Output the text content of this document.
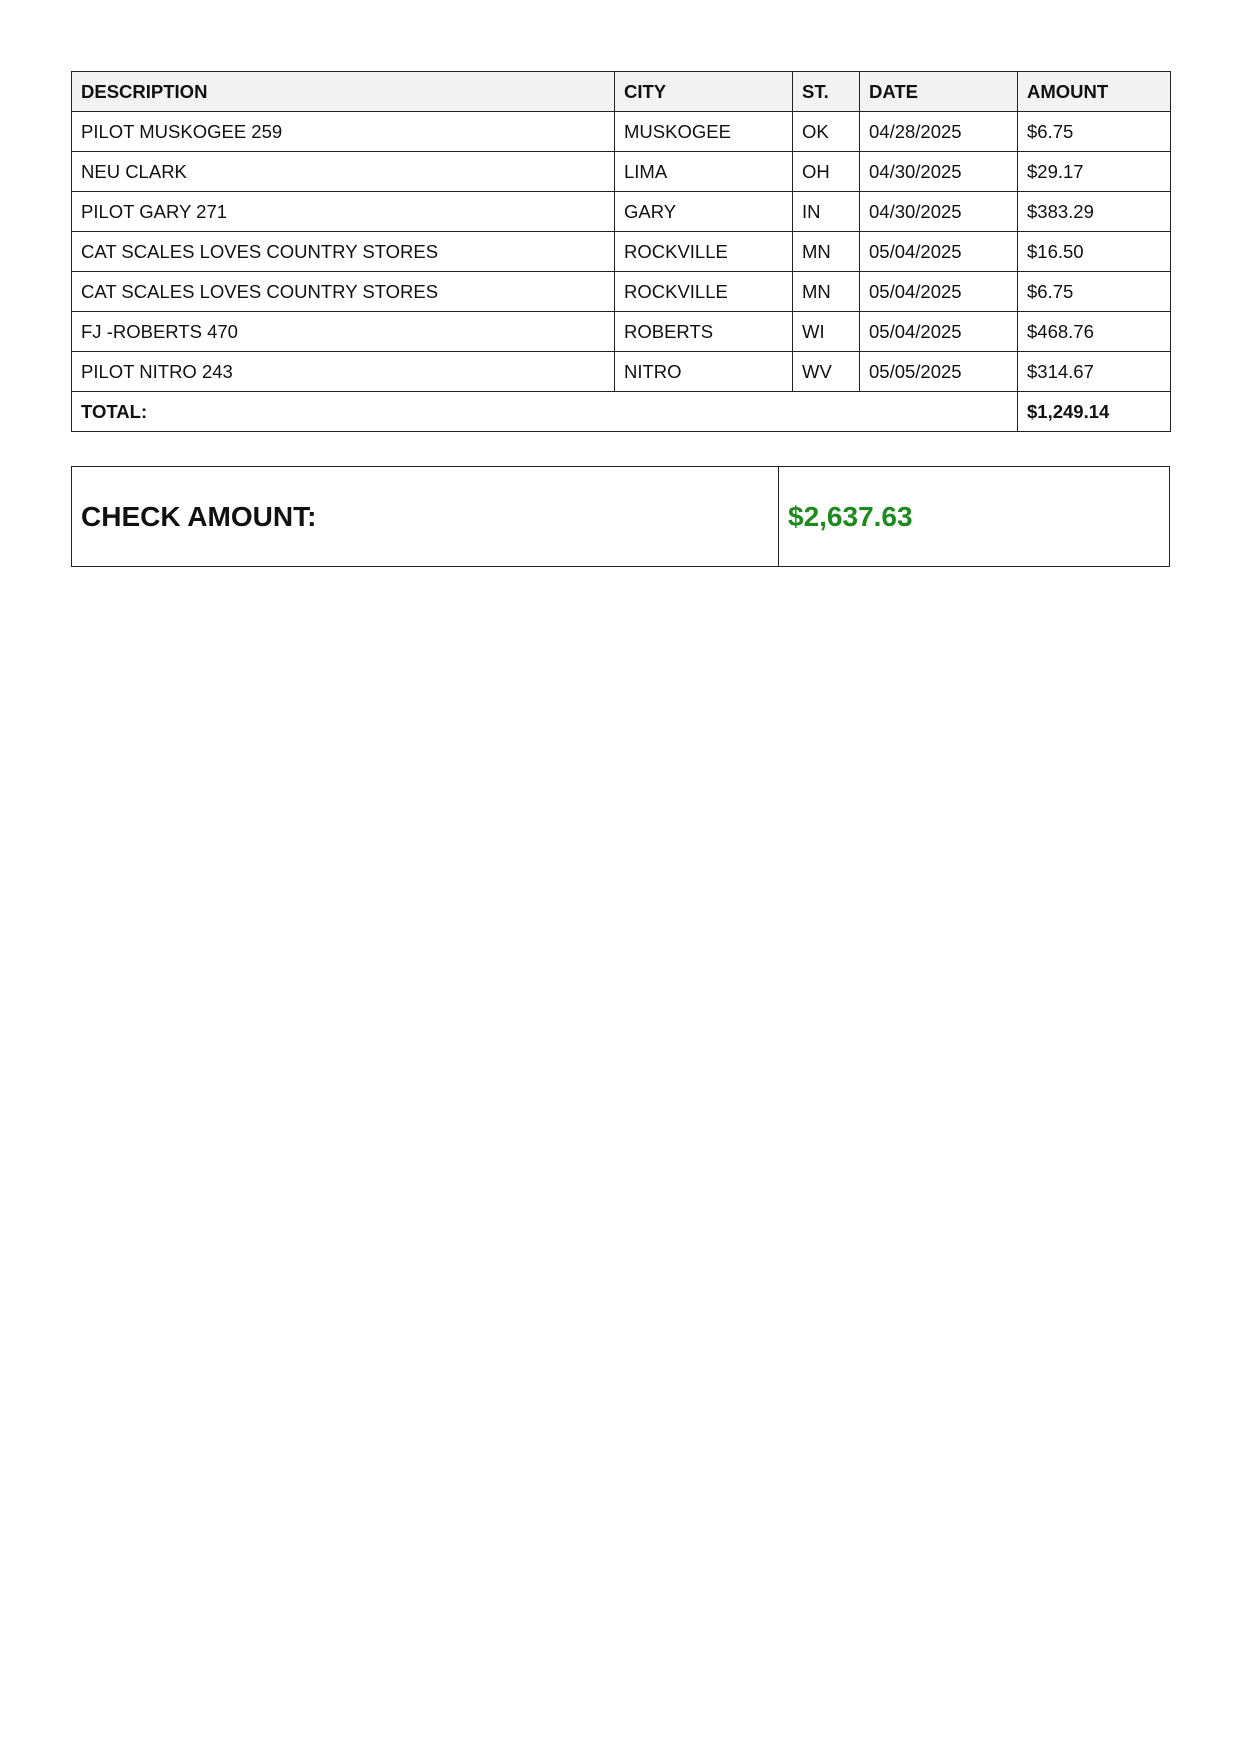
DESCRIPTION	CITY	ST.	DATE	AMOUNT
PILOT MUSKOGEE 259	MUSKOGEE	OK	04/28/2025	$6.75
NEU CLARK	LIMA	OH	04/30/2025	$29.17
PILOT GARY 271	GARY	IN	04/30/2025	$383.29
CAT SCALES LOVES COUNTRY STORES	ROCKVILLE	MN	05/04/2025	$16.50
CAT SCALES LOVES COUNTRY STORES	ROCKVILLE	MN	05/04/2025	$6.75
FJ -ROBERTS 470	ROBERTS	WI	05/04/2025	$468.76
PILOT NITRO 243	NITRO	WV	05/05/2025	$314.67
TOTAL:				$1,249.14
CHECK AMOUNT:	$2,637.63
